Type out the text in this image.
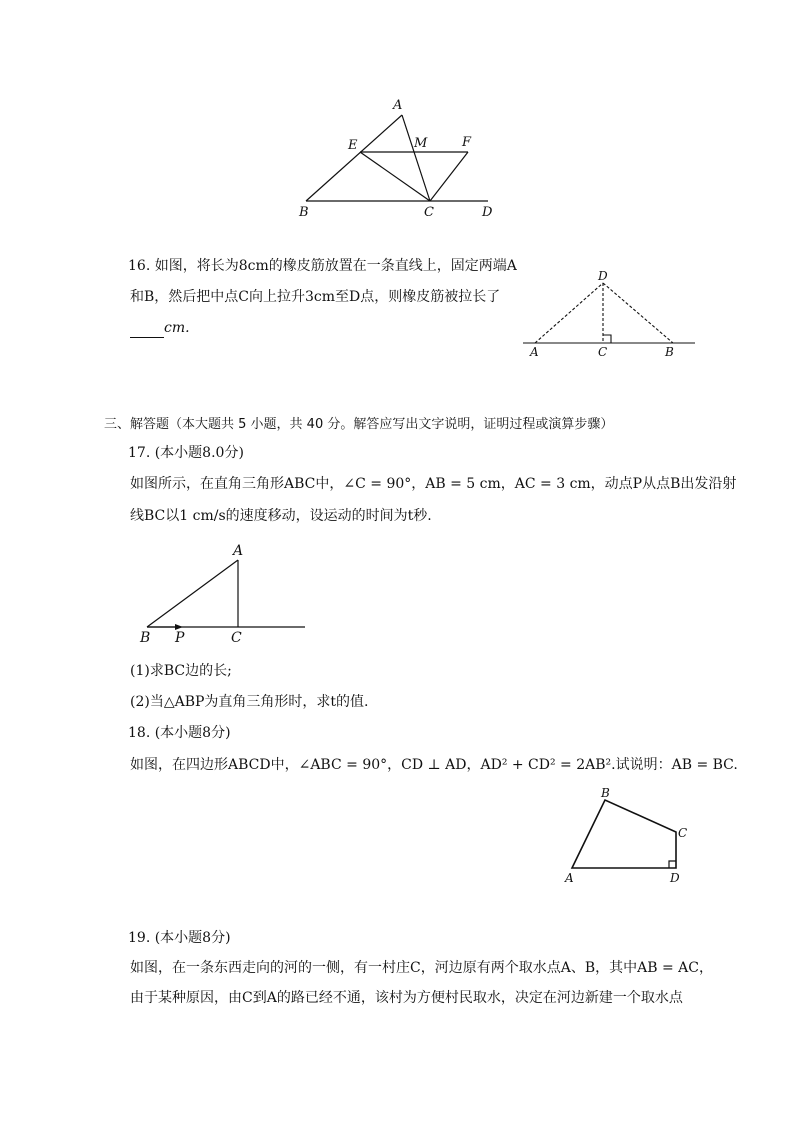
A
E	M	F
B	C	D
16. 如图，将长为8cm的橡皮筋放置在一条直线上，固定两端A
和B，然后把中点C向上拉升3cm至D点，则橡皮筋被拉长了
cm.
D
A	C	B
三、解答题（本大题共 5 小题，共 40 分。解答应写出文字说明，证明过程或演算步骤）
17. (本小题8.0分)
如图所示，在直角三角形ABC中，∠C = 90°，AB = 5 cm，AC = 3 cm，动点P从点B出发沿射
线BC以1 cm/s的速度移动，设运动的时间为t秒.
A
B P	C
(1)求BC边的长;
(2)当△ABP为直角三角形时，求t的值.
18. (本小题8分)
如图，在四边形ABCD中，∠ABC = 90°，CD ⊥ AD，AD² + CD² = 2AB².试说明：AB = BC.
B
C
A	D
19. (本小题8分)
如图，在一条东西走向的河的一侧，有一村庄C，河边原有两个取水点A、B，其中AB = AC，
由于某种原因，由C到A的路已经不通，该村为方便村民取水，决定在河边新建一个取水点
